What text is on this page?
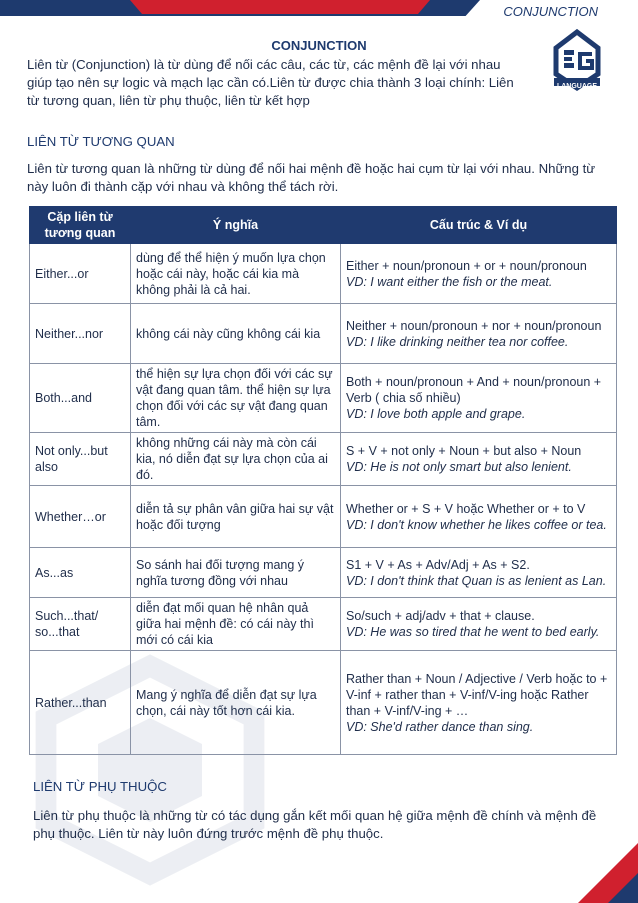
CONJUNCTION
LANGUAGE
CONJUNCTION
Liên từ (Conjunction) là từ dùng để nối các câu, các từ, các mệnh đề lại với nhau giúp tạo nên sự logic và mạch lạc cần có.Liên từ được chia thành 3 loại chính: Liên từ tương quan, liên từ phụ thuộc, liên từ kết hợp
LIÊN TỪ TƯƠNG QUAN
Liên từ tương quan là những từ dùng để nối hai mệnh đề hoặc hai cụm từ lại với nhau. Những từ này luôn đi thành cặp với nhau và không thể tách rời.
Cặp liên từ tương quan	Ý nghĩa	Cấu trúc & Ví dụ
Either...or	dùng để thể hiện ý muốn lựa chọn hoặc cái này, hoặc cái kia mà không phải là cả hai.	Either + noun/pronoun + or + noun/pronoun
VD: I want either the fish or the meat.

Neither...nor	không cái này cũng không cái kia	Neither + noun/pronoun + nor + noun/pronoun
VD: I like drinking neither tea nor coffee.

Both...and	thể hiện sự lựa chọn đối với các sự vật đang quan tâm. thể hiện sự lựa chọn đối với các sự vật đang quan tâm.	Both + noun/pronoun + And + noun/pronoun + Verb ( chia số nhiều)
VD: I love both apple and grape.

Not only...but also	không những cái này mà còn cái kia, nó diễn đạt sự lựa chọn của ai đó.	S + V + not only + Noun + but also + Noun
VD: He is not only smart but also lenient.

Whether…or	diễn tả sự phân vân giữa hai sự vật hoặc đối tượng	Whether or + S + V hoặc Whether or + to V
VD: I don't know whether he likes coffee or tea.

As...as	So sánh hai đối tượng mang ý nghĩa tương đồng với nhau	S1 + V + As + Adv/Adj + As + S2.
VD: I don't think that Quan is as lenient as Lan.

Such...that/ so...that	diễn đạt mối quan hệ nhân quả giữa hai mệnh đề: có cái này thì mới có cái kia	So/such + adj/adv + that + clause.
VD: He was so tired that he went to bed early.

Rather...than	Mang ý nghĩa để diễn đạt sự lựa chọn, cái này tốt hơn cái kia.	Rather than + Noun / Adjective / Verb hoặc to + V-inf + rather than + V-inf/V-ing hoặc Rather than + V-inf/V-ing + …
VD: She'd rather dance than sing.
LIÊN TỪ PHỤ THUỘC
Liên từ phụ thuộc là những từ có tác dụng gắn kết mối quan hệ giữa mệnh đề chính và mệnh đề phụ thuộc. Liên từ này luôn đứng trước mệnh đề phụ thuộc.
